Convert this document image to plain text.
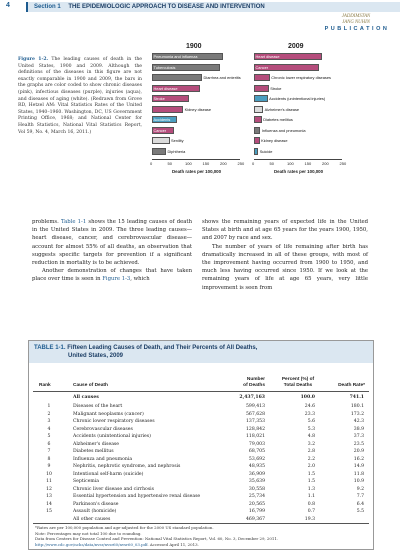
4	Section 1 THE EPIDEMIOLOGIC APPROACH TO DISEASE AND INTERVENTION
JADDIMSTAN
JANG NUHIN
P U B L I C A T I O N
Figure 1-2. The leading causes of death in the United States, 1900 and 2009. Although the definitions of the diseases in this figure are not exactly comparable in 1900 and 2009, the bars in the graphs are color coded to show chronic diseases (pink), infectious diseases (purple), injuries (aqua), and diseases of aging (white). (Redrawn from Grove RD, Hetzel AM: Vital Statistics Rates of the United States, 1940–1960. Washington, DC, US Government Printing Office, 1968; and National Center for Health Statistics, National Vital Statistics Report, Vol 59, No. 4, March 16, 2011.)
1900
Pneumonia and influenza
Tuberculosis
Diarrhea and enteritis
Heart disease
Stroke
Kidney disease
Accidents
Cancer
Senility
Diphtheria
0	50	100	150	200	250
Death rates per 100,000
2009
Heart disease
Cancer
Chronic lower respiratory diseases
Stroke
Accidents (unintentional injuries)
Alzheimer's disease
Diabetes mellitus
Influenza and pneumonia
Kidney disease
Suicide
0	50	100	150	200	250
Death rates per 100,000

problems. Table 1-1 shows the 15 leading causes of death in the United States in 2009. The three leading causes—heart disease, cancer, and cerebrovascular disease—account for almost 55% of all deaths, an observation that suggests specific targets for prevention if a significant reduction in mortality is to be achieved.

Another demonstration of changes that have taken place over time is seen in Figure 1-3, which

shows the remaining years of expected life in the United States at birth and at age 65 years for the years 1900, 1950, and 2007 by race and sex.

The number of years of life remaining after birth has dramatically increased in all of these groups, with most of the improvement having occurred from 1900 to 1950, and much less having occurred since 1950. If we look at the remaining years of life at age 65 years, very little improvement is seen from

TABLE 1-1. Fifteen Leading Causes of Death, and Their Percents of All Deaths,
United States, 2009
Rank	Cause of Death
Number
of Deaths
Percent (%) of
Total Deaths	Death Rate*
All causes	2,437,163	100.0	741.1
1	Diseases of the heart	599,413	24.6	180.1
2	Malignant neoplasms (cancer)	567,628	23.3	173.2
3	Chronic lower respiratory diseases	137,353	5.6	42.3
4	Cerebrovascular diseases	128,842	5.3	38.9
5	Accidents (unintentional injuries)	118,021	4.8	37.3
6	Alzheimer's disease	79,003	3.2	23.5
7	Diabetes mellitus	68,705	2.8	20.9
8	Influenza and pneumonia	53,692	2.2	16.2
9	Nephritis, nephrotic syndrome, and nephrosis	48,935	2.0	14.9
10	Intentional self-harm (suicide)	36,909	1.5	11.8
11	Septicemia	35,639	1.5	10.9
12	Chronic liver disease and cirrhosis	30,558	1.3	9.2
13	Essential hypertension and hypertensive renal disease	25,734	1.1	7.7
14	Parkinson's disease	20,565	0.8	6.4
15	Assault (homicide)	16,799	0.7	5.5
All other causes	469,367	19.3
*Rates are per 100,000 population and age-adjusted for the 2000 US standard population.
Note: Percentages may not total 100 due to rounding.
Data from Centers for Disease Control and Prevention: National Vital Statistics Report, Vol. 60, No. 3, December 29, 2011.
http://www.cdc.gov/nchs/data/nvsr/nvsr60/nvsr60_03.pdf. Accessed April 11, 2013.
